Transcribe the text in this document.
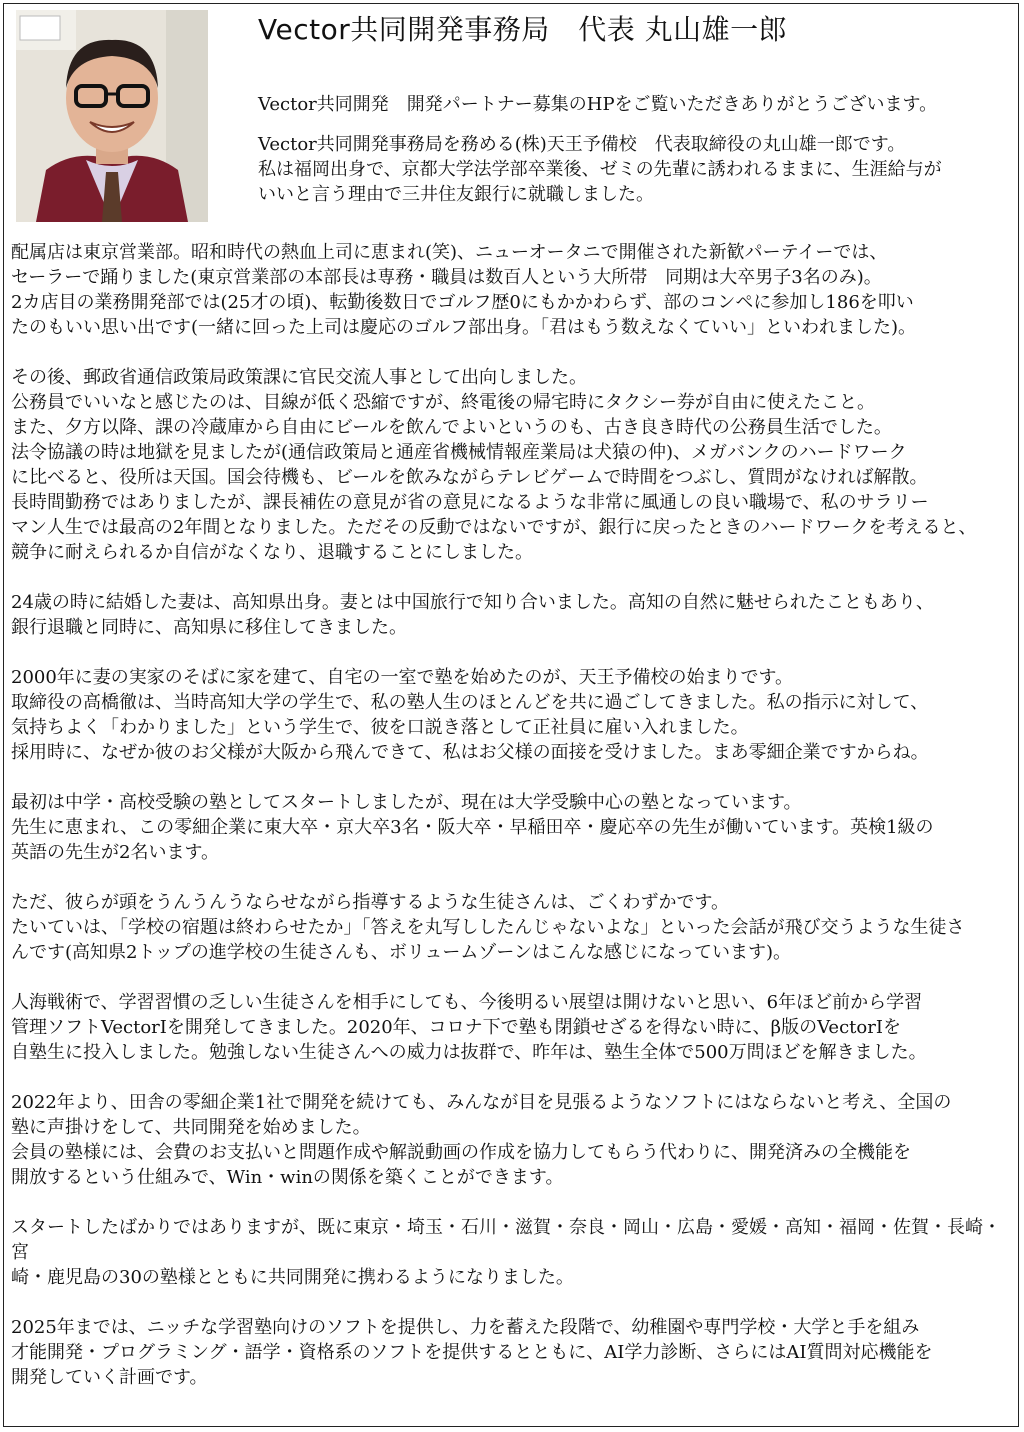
Vector共同開発事務局　代表 丸山雄一郎

Vector共同開発　開発パートナー募集のHPをご覧いただきありがとうございます。

Vector共同開発事務局を務める(株)天王予備校　代表取締役の丸山雄一郎です。
私は福岡出身で、京都大学法学部卒業後、ゼミの先輩に誘われるままに、生涯給与が
いいと言う理由で三井住友銀行に就職しました。

配属店は東京営業部。昭和時代の熱血上司に恵まれ(笑)、ニューオータニで開催された新歓パーテイーでは、
セーラーで踊りました(東京営業部の本部長は専務・職員は数百人という大所帯　同期は大卒男子3名のみ)。
2カ店目の業務開発部では(25才の頃)、転勤後数日でゴルフ歴0にもかかわらず、部のコンペに参加し186を叩い
たのもいい思い出です(一緒に回った上司は慶応のゴルフ部出身。「君はもう数えなくていい」といわれました)。

その後、郵政省通信政策局政策課に官民交流人事として出向しました。
公務員でいいなと感じたのは、目線が低く恐縮ですが、終電後の帰宅時にタクシー券が自由に使えたこと。
また、夕方以降、課の冷蔵庫から自由にビールを飲んでよいというのも、古き良き時代の公務員生活でした。
法令協議の時は地獄を見ましたが(通信政策局と通産省機械情報産業局は犬猿の仲)、メガバンクのハードワーク
に比べると、役所は天国。国会待機も、ビールを飲みながらテレビゲームで時間をつぶし、質問がなければ解散。
長時間勤務ではありましたが、課長補佐の意見が省の意見になるような非常に風通しの良い職場で、私のサラリー
マン人生では最高の2年間となりました。ただその反動ではないですが、銀行に戻ったときのハードワークを考えると、
競争に耐えられるか自信がなくなり、退職することにしました。

24歳の時に結婚した妻は、高知県出身。妻とは中国旅行で知り合いました。高知の自然に魅せられたこともあり、
銀行退職と同時に、高知県に移住してきました。

2000年に妻の実家のそばに家を建て、自宅の一室で塾を始めたのが、天王予備校の始まりです。
取締役の高橋徹は、当時高知大学の学生で、私の塾人生のほとんどを共に過ごしてきました。私の指示に対して、
気持ちよく「わかりました」という学生で、彼を口説き落として正社員に雇い入れました。
採用時に、なぜか彼のお父様が大阪から飛んできて、私はお父様の面接を受けました。まあ零細企業ですからね。

最初は中学・高校受験の塾としてスタートしましたが、現在は大学受験中心の塾となっています。
先生に恵まれ、この零細企業に東大卒・京大卒3名・阪大卒・早稲田卒・慶応卒の先生が働いています。英検1級の
英語の先生が2名います。

ただ、彼らが頭をうんうんうならせながら指導するような生徒さんは、ごくわずかです。
たいていは、「学校の宿題は終わらせたか」「答えを丸写ししたんじゃないよな」といった会話が飛び交うような生徒さ
んです(高知県2トップの進学校の生徒さんも、ボリュームゾーンはこんな感じになっています)。

人海戦術で、学習習慣の乏しい生徒さんを相手にしても、今後明るい展望は開けないと思い、6年ほど前から学習
管理ソフトVectorⅠを開発してきました。2020年、コロナ下で塾も閉鎖せざるを得ない時に、β版のVectorⅠを
自塾生に投入しました。勉強しない生徒さんへの威力は抜群で、昨年は、塾生全体で500万問ほどを解きました。

2022年より、田舎の零細企業1社で開発を続けても、みんなが目を見張るようなソフトにはならないと考え、全国の
塾に声掛けをして、共同開発を始めました。
会員の塾様には、会費のお支払いと問題作成や解説動画の作成を協力してもらう代わりに、開発済みの全機能を
開放するという仕組みで、Win・winの関係を築くことができます。

スタートしたばかりではありますが、既に東京・埼玉・石川・滋賀・奈良・岡山・広島・愛媛・高知・福岡・佐賀・長崎・宮
崎・鹿児島の30の塾様とともに共同開発に携わるようになりました。

2025年までは、ニッチな学習塾向けのソフトを提供し、力を蓄えた段階で、幼稚園や専門学校・大学と手を組み
才能開発・プログラミング・語学・資格系のソフトを提供するとともに、AI学力診断、さらにはAI質問対応機能を
開発していく計画です。
